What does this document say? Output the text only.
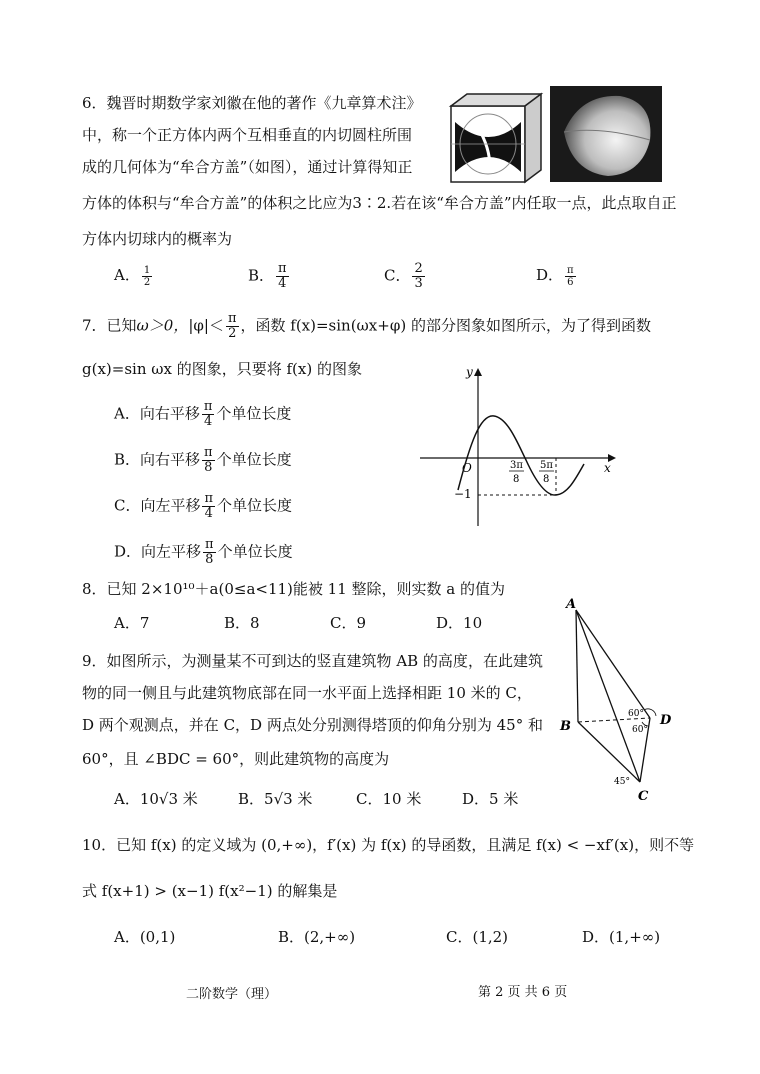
6．魏晋时期数学家刘徽在他的著作《九章算术注》
中，称一个正方体内两个互相垂直的内切圆柱所围
成的几何体为“牟合方盖”（如图），通过计算得知正
方体的体积与“牟合方盖”的体积之比应为3∶2.若在该“牟合方盖”内任取一点，此点取自正
方体内切球内的概率为
A． $\frac{1}{2}$	B． $\frac{\pi}{4}$	C． $\frac{2}{3}$	D． $\frac{\pi}{6}$
7．已知ω＞0，$|\varphi|< \frac{\pi}{2}$ ，函数 f(x)=sin(ωx+φ) 的部分图象如图所示，为了得到函数
g(x)=sin ωx 的图象，只要将 f(x) 的图象
A．向右平移 $\frac{\pi}{4}$ 个单位长度
B．向右平移 $\frac{\pi}{8}$ 个单位长度
C．向左平移 $\frac{\pi}{4}$ 个单位长度
D．向左平移 $\frac{\pi}{8}$ 个单位长度
y
x
O
−1
3π
8
5π
8
8．已知 2×10¹⁰＋a(0≤a<11)能被 11 整除，则实数 a 的值为
A．7	B．8	C．9	D．10
9．如图所示，为测量某不可到达的竖直建筑物 AB 的高度，在此建筑
物的同一侧且与此建筑物底部在同一水平面上选择相距 10 米的 C，
D 两个观测点，并在 C，D 两点处分别测得塔顶的仰角分别为 45° 和
60°，且 ∠BDC = 60°，则此建筑物的高度为
A．10√3 米	B．5√3 米	C．10 米	D．5 米
A
B	D
C
60°
60°
45°
10．已知 f(x) 的定义域为 (0,+∞)，f′(x) 为 f(x) 的导函数，且满足 f(x) < −xf′(x)，则不等
式 f(x+1) > (x−1) f(x²−1) 的解集是
A．(0,1)	B．(2,+∞)	C．(1,2)	D．(1,+∞)
二阶数学（理）	第 2 页 共 6 页
